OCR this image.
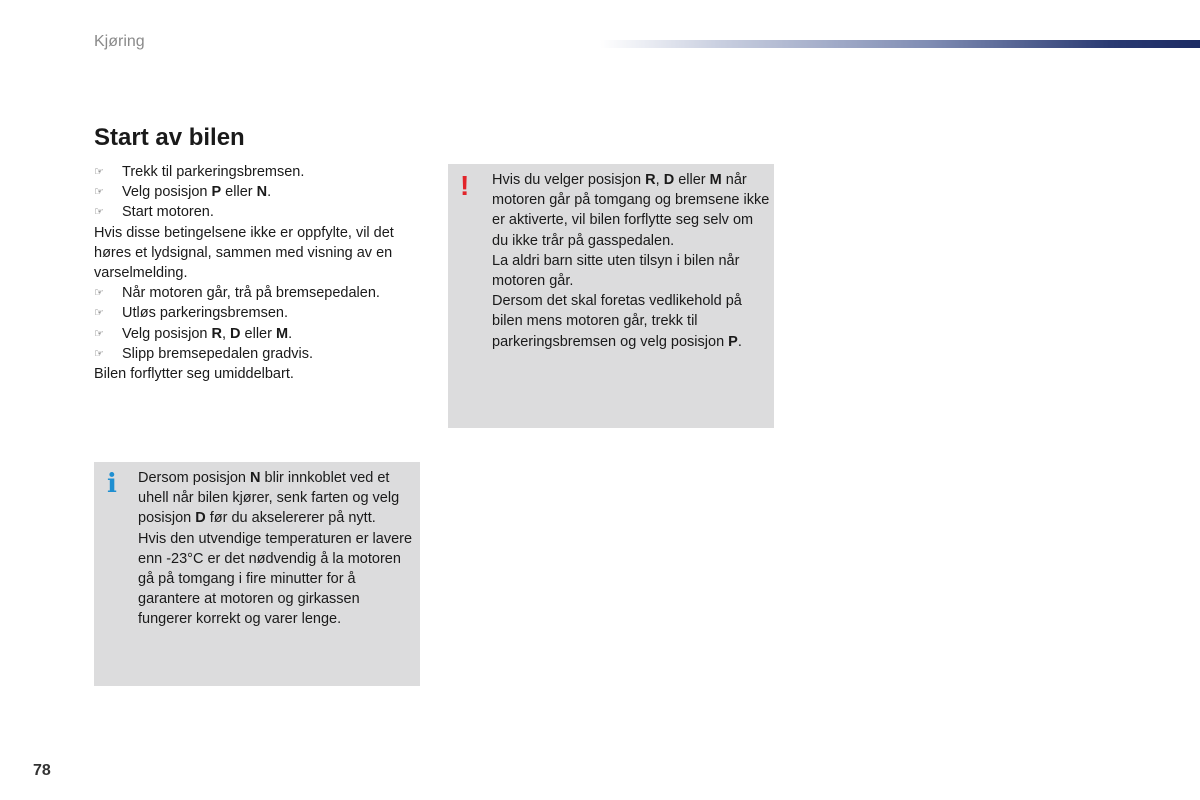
Kjøring
Start av bilen

☞ Trekk til parkeringsbremsen.

☞ Velg posisjon P eller N.

☞ Start motoren.

Hvis disse betingelsene ikke er oppfylte, vil det høres et lydsignal, sammen med visning av en varselmelding.

☞ Når motoren går, trå på bremsepedalen.

☞ Utløs parkeringsbremsen.

☞ Velg posisjon R, D eller M.

☞ Slipp bremsepedalen gradvis.

Bilen forflytter seg umiddelbart.

! Hvis du velger posisjon R, D eller M når motoren går på tomgang og bremsene ikke er aktiverte, vil bilen forflytte seg selv om du ikke trår på gasspedalen.

La aldri barn sitte uten tilsyn i bilen når motoren går.

Dersom det skal foretas vedlikehold på bilen mens motoren går, trekk til parkeringsbremsen og velg posisjon P.

i Dersom posisjon N blir innkoblet ved et uhell når bilen kjører, senk farten og velg posisjon D før du akselererer på nytt.

Hvis den utvendige temperaturen er lavere enn -23°C er det nødvendig å la motoren gå på tomgang i fire minutter for å garantere at motoren og girkassen fungerer korrekt og varer lenge.

78
